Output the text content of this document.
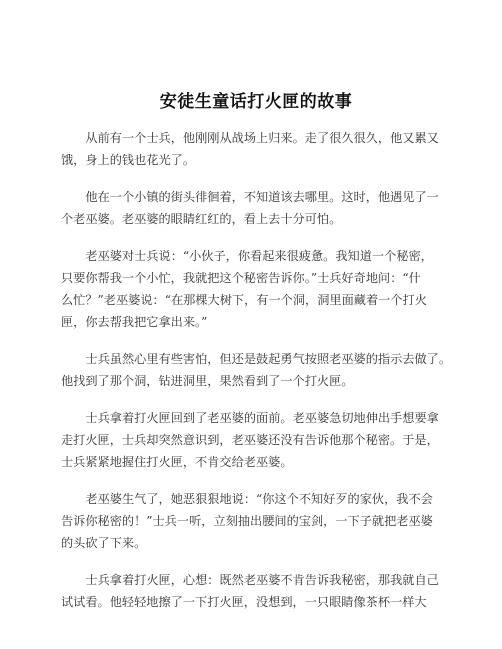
安徒生童话打火匣的故事
从前有一个士兵，他刚刚从战场上归来。走了很久很久，他又累又
饿，身上的钱也花光了。
他在一个小镇的街头徘徊着，不知道该去哪里。这时，他遇见了一
个老巫婆。老巫婆的眼睛红红的，看上去十分可怕。
老巫婆对士兵说：“小伙子，你看起来很疲惫。我知道一个秘密，
只要你帮我一个小忙，我就把这个秘密告诉你。”士兵好奇地问：“什
么忙？”老巫婆说：“在那棵大树下，有一个洞，洞里面藏着一个打火
匣，你去帮我把它拿出来。”
士兵虽然心里有些害怕，但还是鼓起勇气按照老巫婆的指示去做了。
他找到了那个洞，钻进洞里，果然看到了一个打火匣。
士兵拿着打火匣回到了老巫婆的面前。老巫婆急切地伸出手想要拿
走打火匣，士兵却突然意识到，老巫婆还没有告诉他那个秘密。于是，
士兵紧紧地握住打火匣，不肯交给老巫婆。
老巫婆生气了，她恶狠狠地说：“你这个不知好歹的家伙，我不会
告诉你秘密的！”士兵一听，立刻抽出腰间的宝剑，一下子就把老巫婆
的头砍了下来。
士兵拿着打火匣，心想：既然老巫婆不肯告诉我秘密，那我就自己
试试看。他轻轻地擦了一下打火匣，没想到，一只眼睛像茶杯一样大
